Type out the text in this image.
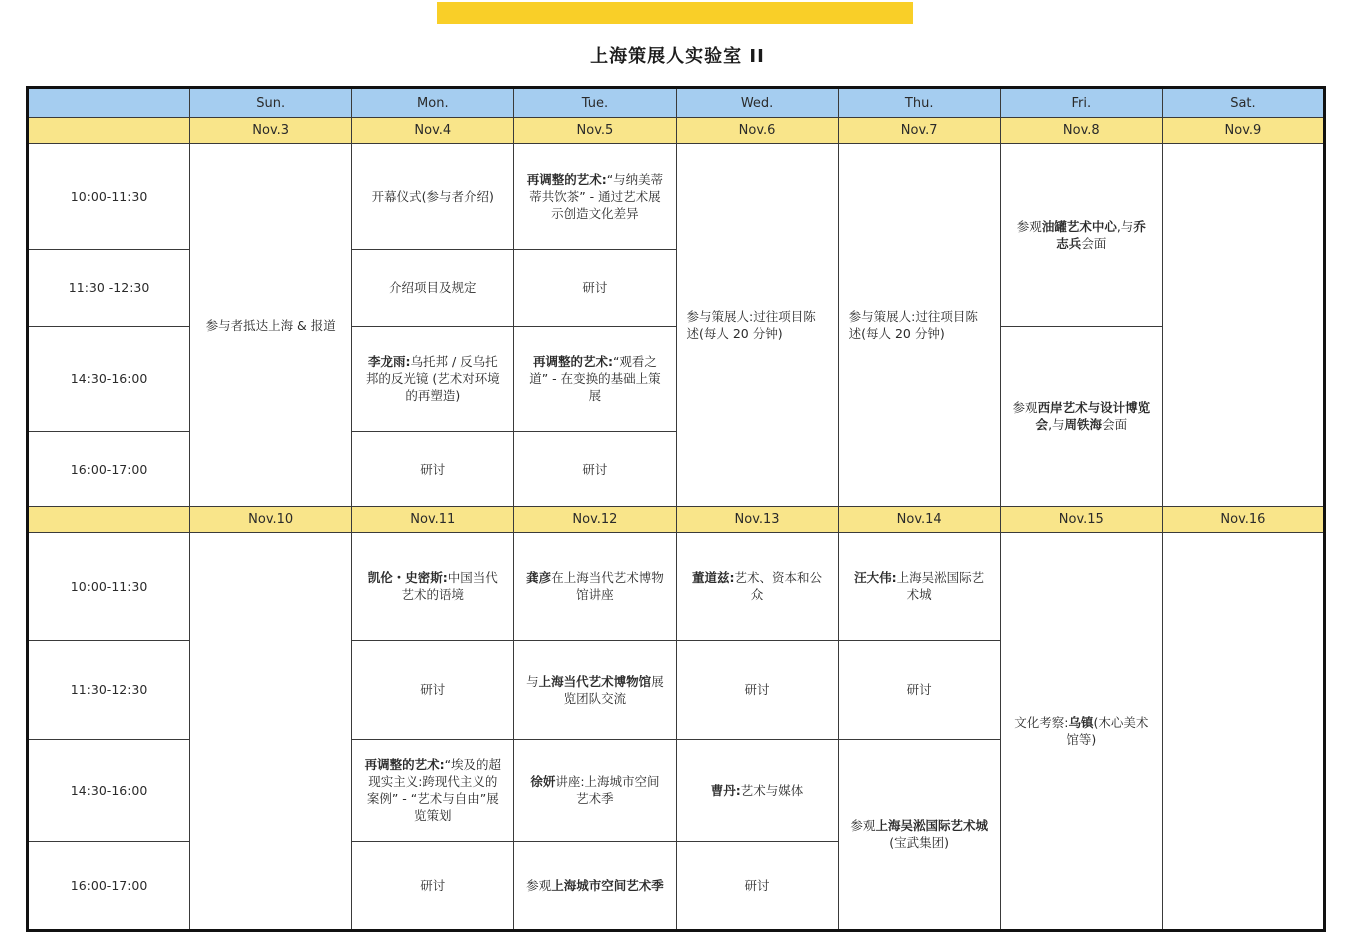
上海策展人实验室 II
	Sun.	Mon.	Tue.	Wed.	Thu.	Fri.	Sat.
	Nov.3	Nov.4	Nov.5	Nov.6	Nov.7	Nov.8	Nov.9
10:00-11:30	参与者抵达上海 & 报道	开幕仪式(参与者介绍)	再调整的艺术:“与纳美蒂蒂共饮茶” - 通过艺术展示创造文化差异	参与策展人:过往项目陈述(每人 20 分钟)	参与策展人:过往项目陈述(每人 20 分钟)	参观油罐艺术中心,与乔志兵会面	
11:30 -12:30		介绍项目及规定	研讨				
14:30-16:00		李龙雨:乌托邦 / 反乌托邦的反光镜 (艺术对环境的再塑造)	再调整的艺术:“观看之道” - 在变换的基础上策展			参观西岸艺术与设计博览会,与周铁海会面	
16:00-17:00		研讨	研讨				
	Nov.10	Nov.11	Nov.12	Nov.13	Nov.14	Nov.15	Nov.16
10:00-11:30		凯伦・史密斯:中国当代艺术的语境	龚彦在上海当代艺术博物馆讲座	董道兹:艺术、资本和公众	汪大伟:上海吴淞国际艺术城	文化考察:乌镇(木心美术馆等)	
11:30-12:30		研讨	与上海当代艺术博物馆展览团队交流	研讨	研讨		
14:30-16:00		再调整的艺术:“埃及的超现实主义:跨现代主义的案例” - “艺术与自由”展览策划	徐妍讲座:上海城市空间艺术季	曹丹:艺术与媒体	参观上海吴淞国际艺术城(宝武集团)		
16:00-17:00		研讨	参观上海城市空间艺术季	研讨			
